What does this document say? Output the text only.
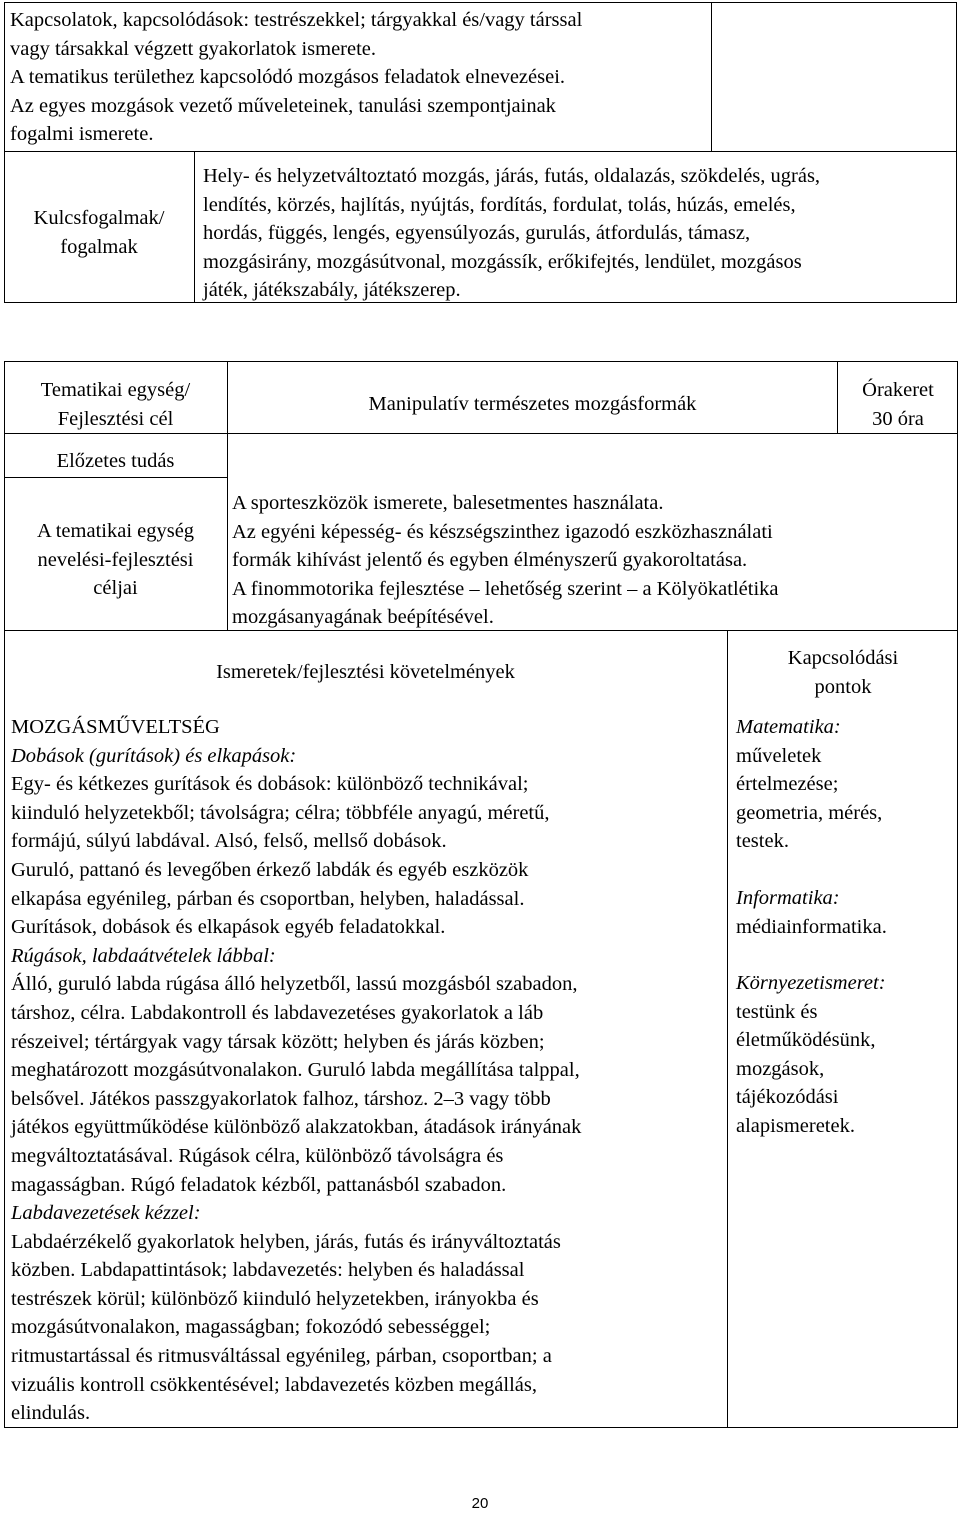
Kapcsolatok, kapcsolódások: testrészekkel; tárgyakkal és/vagy társsal
vagy társakkal végzett gyakorlatok ismerete.
A tematikus területhez kapcsolódó mozgásos feladatok elnevezései.
Az egyes mozgások vezető műveleteinek, tanulási szempontjainak
fogalmi ismerete.
Kulcsfogalmak/
fogalmak
Hely- és helyzetváltoztató mozgás, járás, futás, oldalazás, szökdelés, ugrás,
lendítés, körzés, hajlítás, nyújtás, fordítás, fordulat, tolás, húzás, emelés,
hordás, függés, lengés, egyensúlyozás, gurulás, átfordulás, támasz,
mozgásirány, mozgásútvonal, mozgássík, erőkifejtés, lendület, mozgásos
játék, játékszabály, játékszerep.
Tematikai egység/
Fejlesztési cél
Manipulatív természetes mozgásformák
Órakeret
30 óra
Előzetes tudás
A tematikai egység
nevelési-fejlesztési
céljai
A sporteszközök ismerete, balesetmentes használata.
Az egyéni képesség- és készségszinthez igazodó eszközhasználati
formák kihívást jelentő és egyben élményszerű gyakoroltatása.
A finommotorika fejlesztése – lehetőség szerint – a Kölyökatlétika
mozgásanyagának beépítésével.
Ismeretek/fejlesztési követelmények
Kapcsolódási
pontok
MOZGÁSMŰVELTSÉG
Dobások (gurítások) és elkapások:
Egy- és kétkezes gurítások és dobások: különböző technikával;
kiinduló helyzetekből; távolságra; célra; többféle anyagú, méretű,
formájú, súlyú labdával. Alsó, felső, mellső dobások.
Guruló, pattanó és levegőben érkező labdák és egyéb eszközök
elkapása egyénileg, párban és csoportban, helyben, haladással.
Gurítások, dobások és elkapások egyéb feladatokkal.
Rúgások, labdaátvételek lábbal:
Álló, guruló labda rúgása álló helyzetből, lassú mozgásból szabadon,
társhoz, célra. Labdakontroll és labdavezetéses gyakorlatok a láb
részeivel; tértárgyak vagy társak között; helyben és járás közben;
meghatározott mozgásútvonalakon. Guruló labda megállítása talppal,
belsővel. Játékos passzgyakorlatok falhoz, társhoz. 2–3 vagy több
játékos együttműködése különböző alakzatokban, átadások irányának
megváltoztatásával. Rúgások célra, különböző távolságra és
magasságban. Rúgó feladatok kézből, pattanásból szabadon.
Labdavezetések kézzel:
Labdaérzékelő gyakorlatok helyben, járás, futás és irányváltoztatás
közben. Labdapattintások; labdavezetés: helyben és haladással
testrészek körül; különböző kiinduló helyzetekben, irányokba és
mozgásútvonalakon, magasságban; fokozódó sebességgel;
ritmustartással és ritmusváltással egyénileg, párban, csoportban; a
vizuális kontroll csökkentésével; labdavezetés közben megállás,
elindulás.
Matematika:
műveletek
értelmezése;
geometria, mérés,
testek.
Informatika:
médiainformatika.
Környezetismeret:
testünk és
életműködésünk,
mozgások,
tájékozódási
alapismeretek.
20
